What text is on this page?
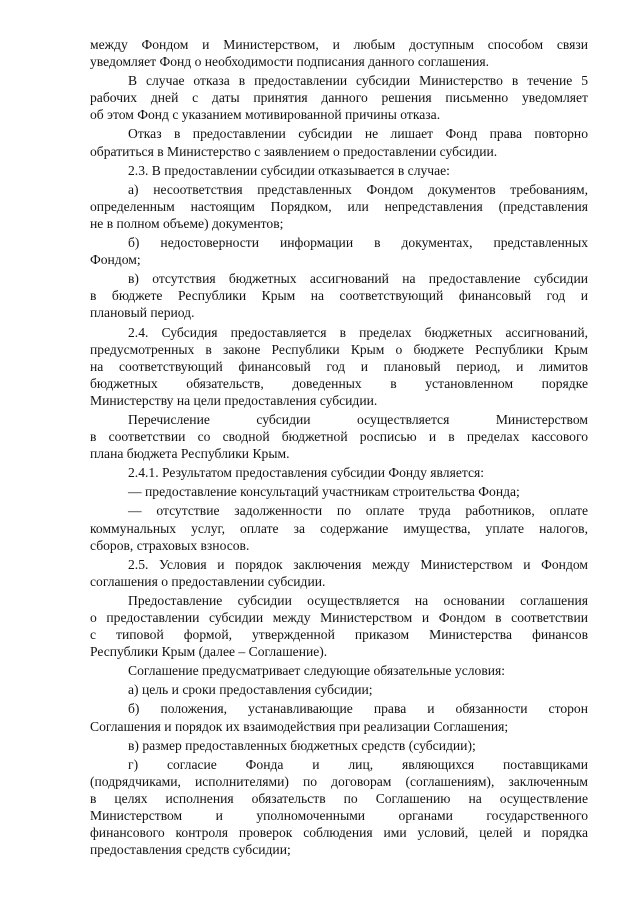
между Фондом и Министерством, и любым доступным способом связи
уведомляет Фонд о необходимости подписания данного соглашения.
В случае отказа в предоставлении субсидии Министерство в течение 5
рабочих дней с даты принятия данного решения письменно уведомляет
об этом Фонд с указанием мотивированной причины отказа.
Отказ в предоставлении субсидии не лишает Фонд права повторно
обратиться в Министерство с заявлением о предоставлении субсидии.
2.3. В предоставлении субсидии отказывается в случае:
а) несоответствия представленных Фондом документов требованиям,
определенным настоящим Порядком, или непредставления (представления
не в полном объеме) документов;
б) недостоверности информации в документах, представленных
Фондом;
в) отсутствия бюджетных ассигнований на предоставление субсидии
в бюджете Республики Крым на соответствующий финансовый год и
плановый период.
2.4. Субсидия предоставляется в пределах бюджетных ассигнований,
предусмотренных в законе Республики Крым о бюджете Республики Крым
на соответствующий финансовый год и плановый период, и лимитов
бюджетных обязательств, доведенных в установленном порядке
Министерству на цели предоставления субсидии.
Перечисление субсидии осуществляется Министерством
в соответствии со сводной бюджетной росписью и в пределах кассового
плана бюджета Республики Крым.
2.4.1. Результатом предоставления субсидии Фонду является:
— предоставление консультаций участникам строительства Фонда;
— отсутствие задолженности по оплате труда работников, оплате
коммунальных услуг, оплате за содержание имущества, уплате налогов,
сборов, страховых взносов.
2.5. Условия и порядок заключения между Министерством и Фондом
соглашения о предоставлении субсидии.
Предоставление субсидии осуществляется на основании соглашения
о предоставлении субсидии между Министерством и Фондом в соответствии
с типовой формой, утвержденной приказом Министерства финансов
Республики Крым (далее – Соглашение).
Соглашение предусматривает следующие обязательные условия:
а) цель и сроки предоставления субсидии;
б) положения, устанавливающие права и обязанности сторон
Соглашения и порядок их взаимодействия при реализации Соглашения;
в) размер предоставленных бюджетных средств (субсидии);
г) согласие Фонда и лиц, являющихся поставщиками
(подрядчиками, исполнителями) по договорам (соглашениям), заключенным
в целях исполнения обязательств по Соглашению на осуществление
Министерством и уполномоченными органами государственного
финансового контроля проверок соблюдения ими условий, целей и порядка
предоставления средств субсидии;
